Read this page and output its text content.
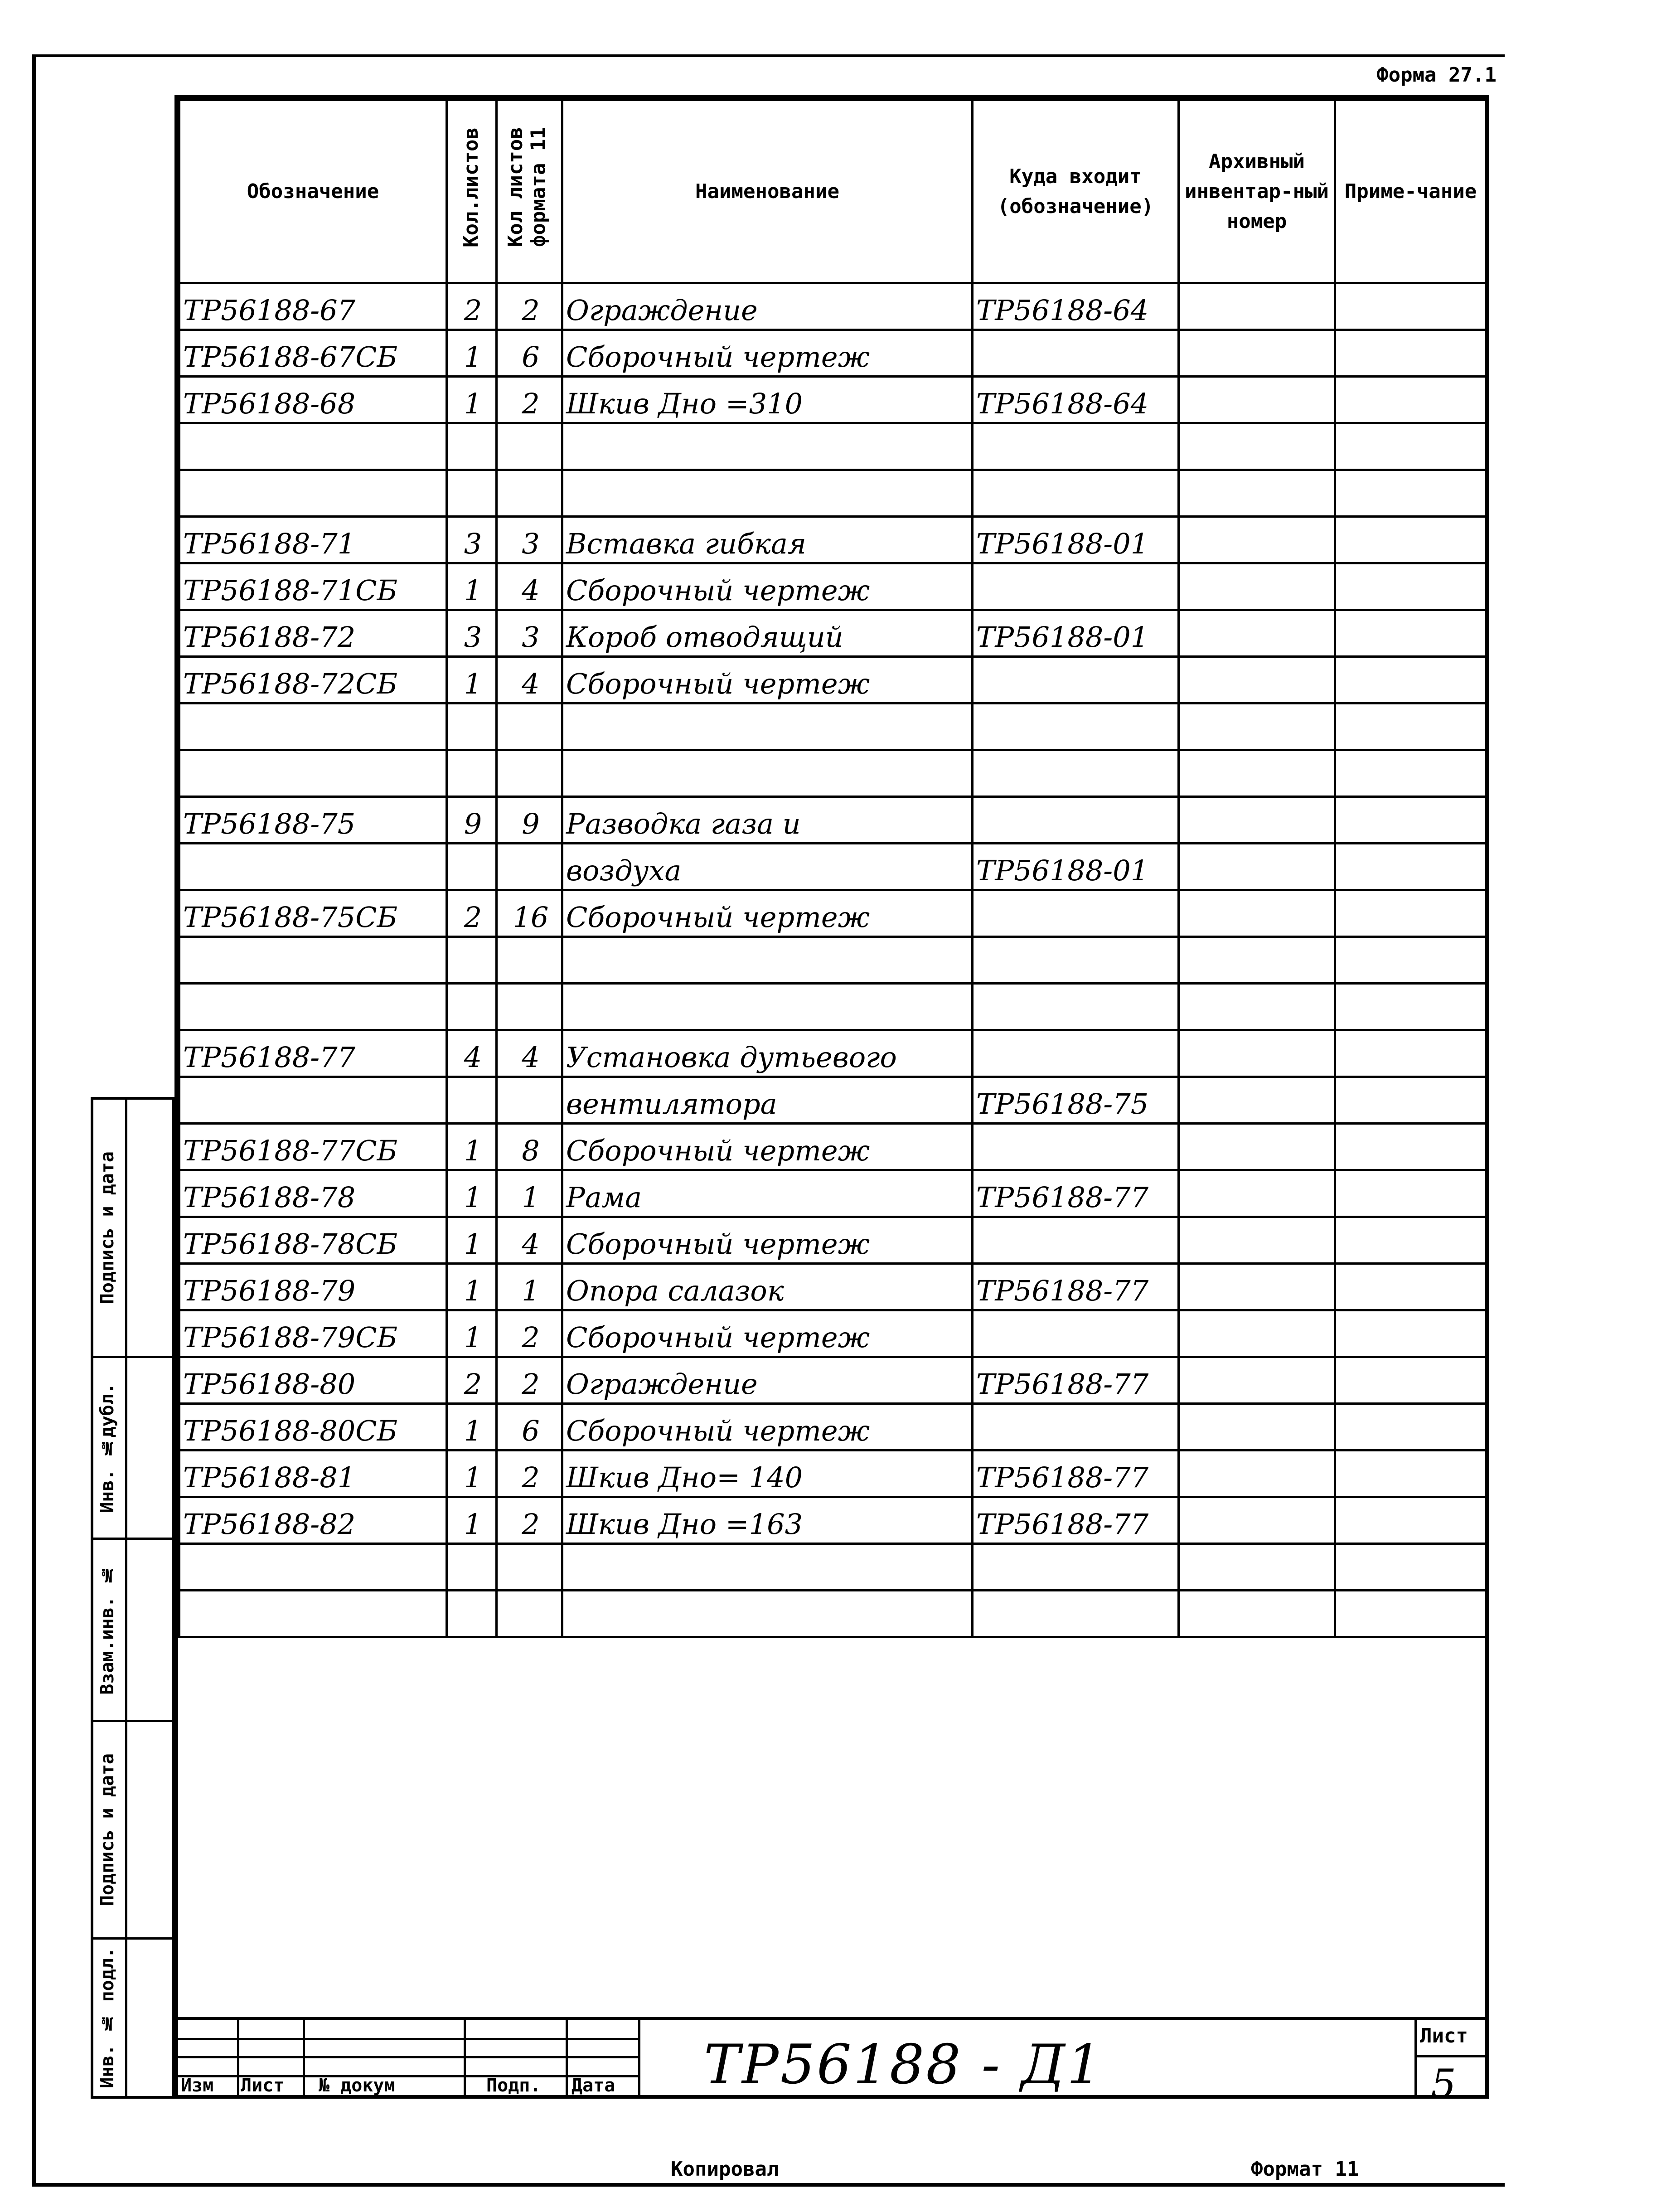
Форма 27.1
Обозначение	Кол.листов	Кол листов формата 11	Наименование	Куда входит (обозначение)	Архивный инвентар-ный номер	Приме-чание
ТР56188-67	2	2	Ограждение	ТР56188-64		
ТР56188-67СБ	1	6	Сборочный чертеж			
ТР56188-68	1	2	Шкив Дно =310	ТР56188-64		

ТР56188-71	3	3	Вставка гибкая	ТР56188-01		
ТР56188-71СБ	1	4	Сборочный чертеж			
ТР56188-72	3	3	Короб отводящий	ТР56188-01		
ТР56188-72СБ	1	4	Сборочный чертеж			

ТР56188-75	9	9	Разводка газа и			
			воздуха	ТР56188-01		
ТР56188-75СБ	2	16	Сборочный чертеж			

ТР56188-77	4	4	Установка дутьевого			
			вентилятора	ТР56188-75		
ТР56188-77СБ	1	8	Сборочный чертеж			
ТР56188-78	1	1	Рама	ТР56188-77		
ТР56188-78СБ	1	4	Сборочный чертеж			
ТР56188-79	1	1	Опора салазок	ТР56188-77		
ТР56188-79СБ	1	2	Сборочный чертеж			
ТР56188-80	2	2	Ограждение	ТР56188-77		
ТР56188-80СБ	1	6	Сборочный чертеж			
ТР56188-81	1	2	Шкив Дно= 140	ТР56188-77		
ТР56188-82	1	2	Шкив Дно =163	ТР56188-77		

Подпись и дата
Инв. №дубл.
Взам.инв. №
Подпись и дата
Инв. № подл.	Изм Лист № докум	Подп. Дата ТР56188 - Д1	Лист
5
Копировал	Формат 11
